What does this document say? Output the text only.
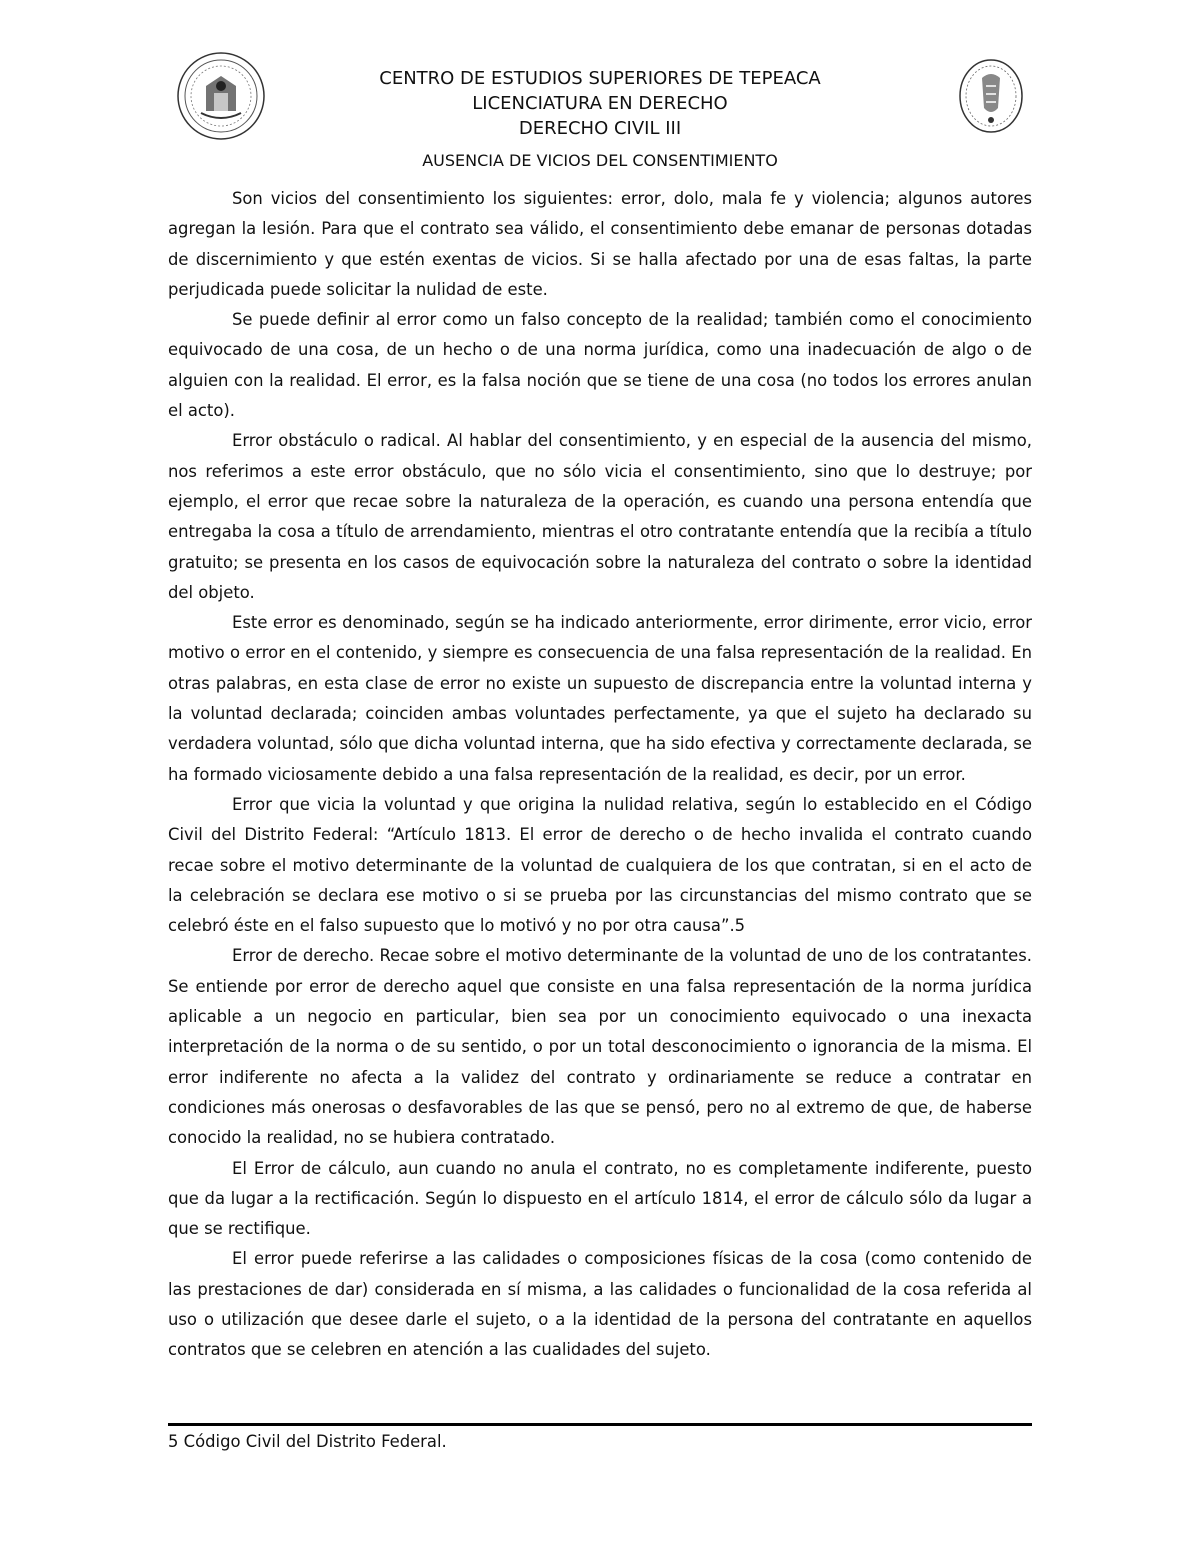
CENTRO DE ESTUDIOS SUPERIORES DE TEPEACA
LICENCIATURA EN DERECHO
DERECHO CIVIL III
AUSENCIA DE VICIOS DEL CONSENTIMIENTO

Son vicios del consentimiento los siguientes: error, dolo, mala fe y violencia; algunos autores agregan la lesión. Para que el contrato sea válido, el consentimiento debe emanar de personas dotadas de discernimiento y que estén exentas de vicios. Si se halla afectado por una de esas faltas, la parte perjudicada puede solicitar la nulidad de este.

Se puede definir al error como un falso concepto de la realidad; también como el conocimiento equivocado de una cosa, de un hecho o de una norma jurídica, como una inadecuación de algo o de alguien con la realidad. El error, es la falsa noción que se tiene de una cosa (no todos los errores anulan el acto).

Error obstáculo o radical. Al hablar del consentimiento, y en especial de la ausencia del mismo, nos referimos a este error obstáculo, que no sólo vicia el consentimiento, sino que lo destruye; por ejemplo, el error que recae sobre la naturaleza de la operación, es cuando una persona entendía que entregaba la cosa a título de arrendamiento, mientras el otro contratante entendía que la recibía a título gratuito; se presenta en los casos de equivocación sobre la naturaleza del contrato o sobre la identidad del objeto.

Este error es denominado, según se ha indicado anteriormente, error dirimente, error vicio, error motivo o error en el contenido, y siempre es consecuencia de una falsa representación de la realidad. En otras palabras, en esta clase de error no existe un supuesto de discrepancia entre la voluntad interna y la voluntad declarada; coinciden ambas voluntades perfectamente, ya que el sujeto ha declarado su verdadera voluntad, sólo que dicha voluntad interna, que ha sido efectiva y correctamente declarada, se ha formado viciosamente debido a una falsa representación de la realidad, es decir, por un error.

Error que vicia la voluntad y que origina la nulidad relativa, según lo establecido en el Código Civil del Distrito Federal: “Artículo 1813. El error de derecho o de hecho invalida el contrato cuando recae sobre el motivo determinante de la voluntad de cualquiera de los que contratan, si en el acto de la celebración se declara ese motivo o si se prueba por las circunstancias del mismo contrato que se celebró éste en el falso supuesto que lo motivó y no por otra causa”.5

Error de derecho. Recae sobre el motivo determinante de la voluntad de uno de los contratantes. Se entiende por error de derecho aquel que consiste en una falsa representación de la norma jurídica aplicable a un negocio en particular, bien sea por un conocimiento equivocado o una inexacta interpretación de la norma o de su sentido, o por un total desconocimiento o ignorancia de la misma. El error indiferente no afecta a la validez del contrato y ordinariamente se reduce a contratar en condiciones más onerosas o desfavorables de las que se pensó, pero no al extremo de que, de haberse conocido la realidad, no se hubiera contratado.

El Error de cálculo, aun cuando no anula el contrato, no es completamente indiferente, puesto que da lugar a la rectificación. Según lo dispuesto en el artículo 1814, el error de cálculo sólo da lugar a que se rectifique.

El error puede referirse a las calidades o composiciones físicas de la cosa (como contenido de las prestaciones de dar) considerada en sí misma, a las calidades o funcionalidad de la cosa referida al uso o utilización que desee darle el sujeto, o a la identidad de la persona del contratante en aquellos contratos que se celebren en atención a las cualidades del sujeto.

5 Código Civil del Distrito Federal.
